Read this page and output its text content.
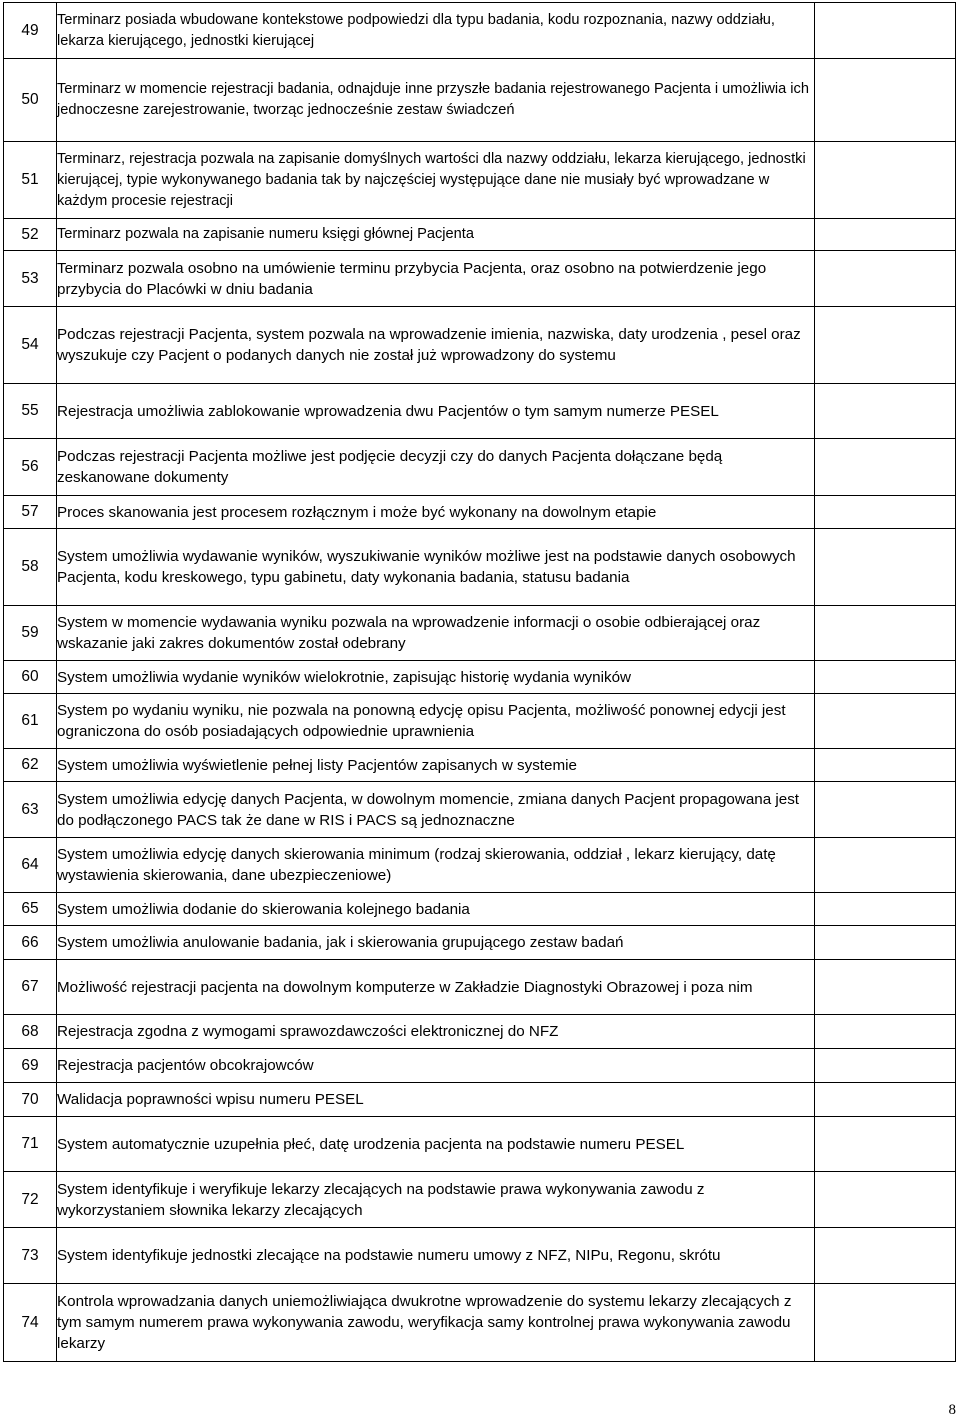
49	Terminarz posiada wbudowane kontekstowe podpowiedzi dla typu badania, kodu rozpoznania, nazwy oddziału, lekarza kierującego, jednostki kierującej	
50	Terminarz w momencie rejestracji badania, odnajduje inne przyszłe badania rejestrowanego Pacjenta i umożliwia ich jednoczesne zarejestrowanie, tworząc jednocześnie zestaw świadczeń	
51	Terminarz, rejestracja pozwala na zapisanie domyślnych wartości dla nazwy oddziału, lekarza kierującego, jednostki kierującej, typie wykonywanego badania tak by najczęściej występujące dane nie musiały być wprowadzane w każdym procesie rejestracji	
52	Terminarz pozwala na zapisanie numeru księgi głównej Pacjenta	
53	Terminarz pozwala osobno na umówienie terminu przybycia Pacjenta, oraz osobno na potwierdzenie jego przybycia do Placówki w dniu badania	
54	Podczas rejestracji Pacjenta, system pozwala na wprowadzenie imienia, nazwiska, daty urodzenia , pesel oraz wyszukuje czy Pacjent o podanych danych nie został już wprowadzony do systemu	
55	Rejestracja umożliwia zablokowanie wprowadzenia dwu Pacjentów o tym samym numerze PESEL	
56	Podczas rejestracji Pacjenta możliwe jest podjęcie decyzji czy do danych Pacjenta dołączane będą zeskanowane dokumenty	
57	Proces skanowania jest procesem rozłącznym i może być wykonany na dowolnym etapie	
58	System umożliwia wydawanie wyników, wyszukiwanie wyników możliwe jest na podstawie danych osobowych Pacjenta, kodu kreskowego, typu gabinetu, daty wykonania badania, statusu badania	
59	System w momencie wydawania wyniku pozwala na wprowadzenie informacji o osobie odbierającej oraz wskazanie jaki zakres dokumentów został odebrany	
60	System umożliwia wydanie wyników wielokrotnie, zapisując historię wydania wyników	
61	System po wydaniu wyniku, nie pozwala na ponowną edycję opisu Pacjenta, możliwość ponownej edycji jest ograniczona do osób posiadających odpowiednie uprawnienia	
62	System umożliwia wyświetlenie pełnej listy Pacjentów zapisanych w systemie	
63	System umożliwia edycję danych Pacjenta, w dowolnym momencie, zmiana danych Pacjent propagowana jest do podłączonego PACS tak że dane w RIS i PACS są jednoznaczne	
64	System umożliwia edycję danych skierowania minimum (rodzaj skierowania, oddział , lekarz kierujący, datę wystawienia skierowania, dane ubezpieczeniowe)	
65	System umożliwia dodanie do skierowania kolejnego badania	
66	System umożliwia anulowanie badania, jak i skierowania grupującego zestaw badań	
67	Możliwość rejestracji pacjenta na dowolnym komputerze w Zakładzie Diagnostyki Obrazowej i poza nim	
68	Rejestracja zgodna z wymogami sprawozdawczości elektronicznej do NFZ	
69	Rejestracja pacjentów obcokrajowców	
70	Walidacja poprawności wpisu numeru PESEL	
71	System automatycznie uzupełnia płeć, datę urodzenia pacjenta na podstawie numeru PESEL	
72	System identyfikuje i weryfikuje lekarzy zlecających na podstawie prawa wykonywania zawodu z wykorzystaniem słownika lekarzy zlecających	
73	System identyfikuje jednostki zlecające na podstawie numeru umowy z NFZ, NIPu, Regonu, skrótu	
74	Kontrola wprowadzania danych uniemożliwiająca dwukrotne wprowadzenie do systemu lekarzy zlecających z tym samym numerem prawa wykonywania zawodu, weryfikacja samy kontrolnej prawa wykonywania zawodu lekarzy	
8
